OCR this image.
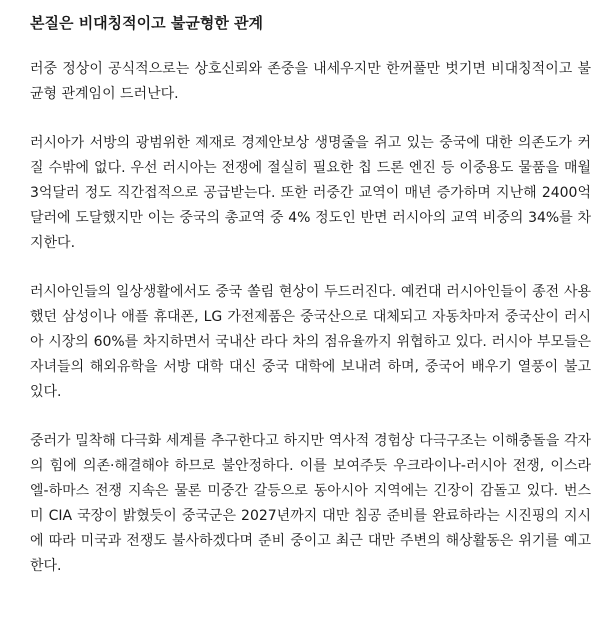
본질은 비대칭적이고 불균형한 관계

러중 정상이 공식적으로는 상호신뢰와 존중을 내세우지만 한꺼풀만 벗기면 비대칭적이고 불균형 관계임이 드러난다.

러시아가 서방의 광범위한 제재로 경제안보상 생명줄을 쥐고 있는 중국에 대한 의존도가 커질 수밖에 없다. 우선 러시아는 전쟁에 절실히 필요한 칩 드론 엔진 등 이중용도 물품을 매월 3억달러 정도 직간접적으로 공급받는다. 또한 러중간 교역이 매년 증가하며 지난해 2400억달러에 도달했지만 이는 중국의 총교역 중 4% 정도인 반면 러시아의 교역 비중의 34%를 차지한다.

러시아인들의 일상생활에서도 중국 쏠림 현상이 두드러진다. 예컨대 러시아인들이 종전 사용했던 삼성이나 애플 휴대폰, LG 가전제품은 중국산으로 대체되고 자동차마저 중국산이 러시아 시장의 60%를 차지하면서 국내산 라다 차의 점유율까지 위협하고 있다. 러시아 부모들은 자녀들의 해외유학을 서방 대학 대신 중국 대학에 보내려 하며, 중국어 배우기 열풍이 불고 있다.

중러가 밀착해 다극화 세계를 추구한다고 하지만 역사적 경험상 다극구조는 이해충돌을 각자의 힘에 의존·해결해야 하므로 불안정하다. 이를 보여주듯 우크라이나-러시아 전쟁, 이스라엘-하마스 전쟁 지속은 물론 미중간 갈등으로 동아시아 지역에는 긴장이 감돌고 있다. 번스 미 CIA 국장이 밝혔듯이 중국군은 2027년까지 대만 침공 준비를 완료하라는 시진핑의 지시에 따라 미국과 전쟁도 불사하겠다며 준비 중이고 최근 대만 주변의 해상활동은 위기를 예고한다.
